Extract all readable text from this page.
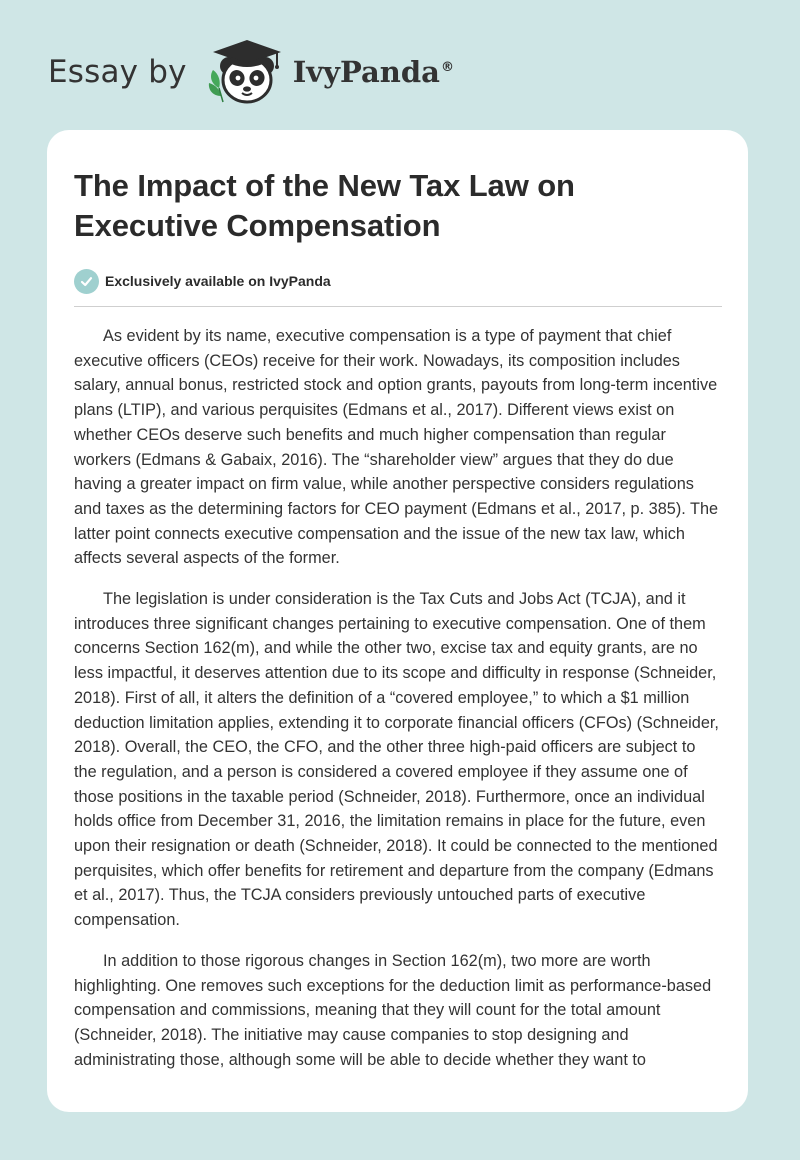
Essay by	IvyPanda®
The Impact of the New Tax Law on Executive Compensation
Exclusively available on IvyPanda

As evident by its name, executive compensation is a type of payment that chief executive officers (CEOs) receive for their work. Nowadays, its composition includes salary, annual bonus, restricted stock and option grants, payouts from long-term incentive plans (LTIP), and various perquisites (Edmans et al., 2017). Different views exist on whether CEOs deserve such benefits and much higher compensation than regular workers (Edmans & Gabaix, 2016). The “shareholder view” argues that they do due having a greater impact on firm value, while another perspective considers regulations and taxes as the determining factors for CEO payment (Edmans et al., 2017, p. 385). The latter point connects executive compensation and the issue of the new tax law, which affects several aspects of the former.

The legislation is under consideration is the Tax Cuts and Jobs Act (TCJA), and it introduces three significant changes pertaining to executive compensation. One of them concerns Section 162(m), and while the other two, excise tax and equity grants, are no less impactful, it deserves attention due to its scope and difficulty in response (Schneider, 2018). First of all, it alters the definition of a “covered employee,” to which a $1 million deduction limitation applies, extending it to corporate financial officers (CFOs) (Schneider, 2018). Overall, the CEO, the CFO, and the other three high-paid officers are subject to the regulation, and a person is considered a covered employee if they assume one of those positions in the taxable period (Schneider, 2018). Furthermore, once an individual holds office from December 31, 2016, the limitation remains in place for the future, even upon their resignation or death (Schneider, 2018). It could be connected to the mentioned perquisites, which offer benefits for retirement and departure from the company (Edmans et al., 2017). Thus, the TCJA considers previously untouched parts of executive compensation.

In addition to those rigorous changes in Section 162(m), two more are worth highlighting. One removes such exceptions for the deduction limit as performance-based compensation and commissions, meaning that they will count for the total amount (Schneider, 2018). The initiative may cause companies to stop designing and administrating those, although some will be able to decide whether they want to
